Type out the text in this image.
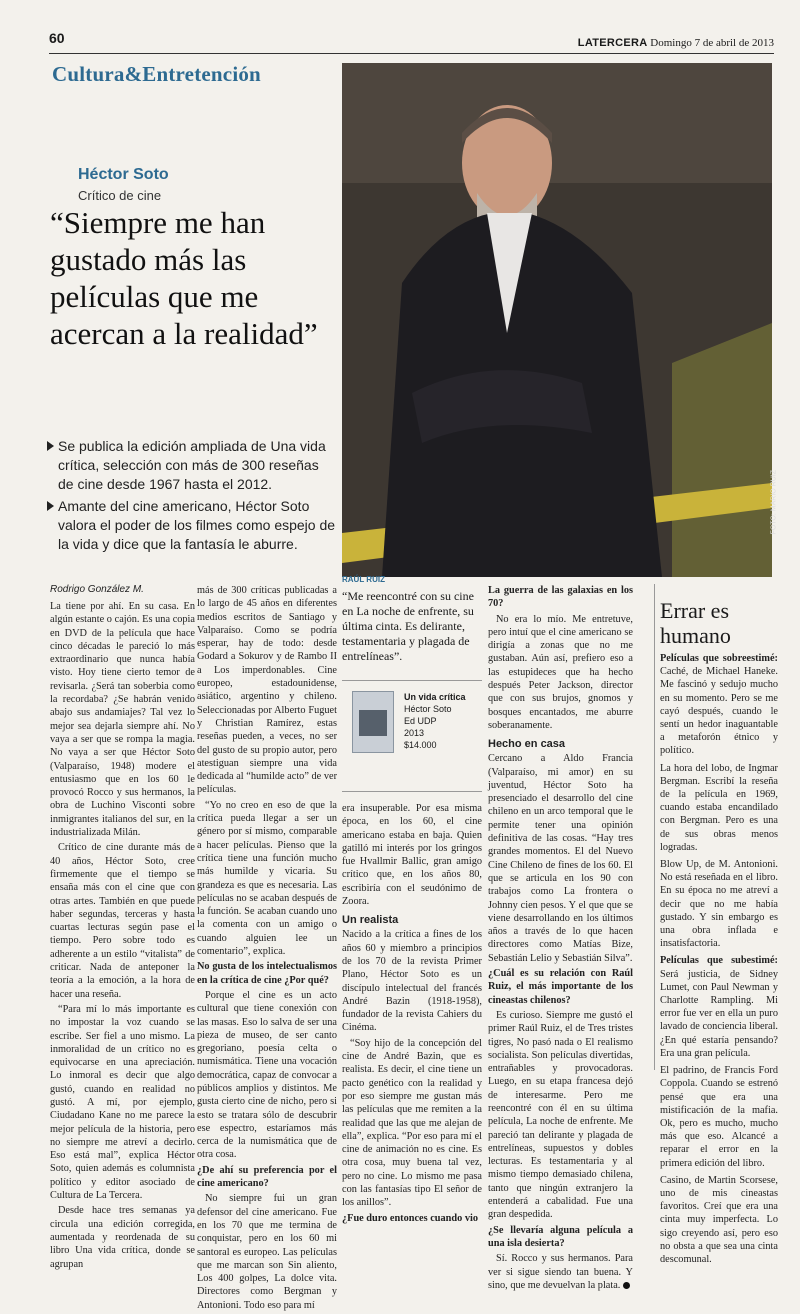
60	LATERCERA Domingo 7 de abril de 2013
Cultura&Entretención
Héctor Soto
Crítico de cine
“Siempre me han gustado más las películas que me acercan a la realidad”
Se publica la edición ampliada de Una vida crítica, selección con más de 300 reseñas de cine desde 1967 hasta el 2012.
Amante del cine americano, Héctor Soto valora el poder de los filmes como espejo de la vida y dice que la fantasía le aburre.
FOTO: MARIO RUIZ
Rodrigo González M.

La tiene por ahí. En su casa. En algún estante o cajón. Es una copia en DVD de la película que hace cinco décadas le pareció lo más extraordinario que nunca había visto. Hoy tiene cierto temor de revisarla. ¿Será tan soberbia como la recordaba? ¿Se habrán venido abajo sus andamiajes? Tal vez lo mejor sea dejarla siempre ahí. No vaya a ser que se rompa la magia. No vaya a ser que Héctor Soto (Valparaíso, 1948) modere el entusiasmo que en los 60 le provocó Rocco y sus hermanos, la obra de Luchino Visconti sobre inmigrantes italianos del sur, en la industrializada Milán.

Crítico de cine durante más de 40 años, Héctor Soto, cree firmemente que el tiempo se ensaña más con el cine que con otras artes. También en que puede haber segundas, terceras y hasta cuartas lecturas según pase el tiempo. Pero sobre todo es adherente a un estilo “vitalista” de criticar. Nada de anteponer la teoría a la emoción, a la hora de hacer una reseña.

“Para mí lo más importante es no impostar la voz cuando se escribe. Ser fiel a uno mismo. La inmoralidad de un crítico no es equivocarse en una apreciación. Lo inmoral es decir que algo gustó, cuando en realidad no gustó. A mí, por ejemplo, Ciudadano Kane no me parece la mejor película de la historia, pero no siempre me atreví a decirlo. Eso está mal”, explica Héctor Soto, quien además es columnista político y editor asociado de Cultura de La Tercera.

Desde hace tres semanas ya circula una edición corregida, aumentada y reordenada de su libro Una vida crítica, donde se agrupan

más de 300 críticas publicadas a lo largo de 45 años en diferentes medios escritos de Santiago y Valparaíso. Como se podría esperar, hay de todo: desde Godard a Sokurov y de Rambo II a Los imperdonables. Cine europeo, estadounidense, asiático, argentino y chileno. Seleccionadas por Alberto Fuguet y Christian Ramírez, estas reseñas pueden, a veces, no ser del gusto de su propio autor, pero atestiguan siempre una vida dedicada al “humilde acto” de ver películas.

“Yo no creo en eso de que la crítica pueda llegar a ser un género por sí mismo, comparable a hacer películas. Pienso que la crítica tiene una función mucho más humilde y vicaria. Su grandeza es que es necesaria. Las películas no se acaban después de la función. Se acaban cuando uno la comenta con un amigo o cuando alguien lee un comentario”, explica.

No gusta de los intelectualismos en la crítica de cine ¿Por qué?

Porque el cine es un acto cultural que tiene conexión con las masas. Eso lo salva de ser una pieza de museo, de ser canto gregoriano, poesía celta o numismática. Tiene una vocación democrática, capaz de convocar a públicos amplios y distintos. Me gusta cierto cine de nicho, pero si esto se tratara sólo de descubrir ese espectro, estaríamos más cerca de la numismática que de otra cosa.

¿De ahí su preferencia por el cine americano?

No siempre fui un gran defensor del cine americano. Fue en los 70 que me termina de conquistar, pero en los 60 mi santoral es europeo. Las películas que me marcan son Sin aliento, Los 400 golpes, La dolce vita. Directores como Bergman y Antonioni. Todo eso para mí

RAÚL RUIZ

“Me reencontré con su cine en La noche de enfrente, su última cinta. Es delirante, testamentaria y plagada de entrelíneas”.

Un vida crítica
Héctor Soto
Ed UDP
2013
$14.000

era insuperable. Por esa misma época, en los 60, el cine americano estaba en baja. Quien gatilló mi interés por los gringos fue Hvallmir Ballic, gran amigo crítico que, en los años 80, escribiría con el seudónimo de Zoora.

Un realista

Nacido a la crítica a fines de los años 60 y miembro a principios de los 70 de la revista Primer Plano, Héctor Soto es un discípulo intelectual del francés André Bazin (1918-1958), fundador de la revista Cahiers du Cinéma.

“Soy hijo de la concepción del cine de André Bazin, que es realista. Es decir, el cine tiene un pacto genético con la realidad y por eso siempre me gustan más las películas que me remiten a la realidad que las que me alejan de ella”, explica. “Por eso para mí el cine de animación no es cine. Es otra cosa, muy buena tal vez, pero no cine. Lo mismo me pasa con las fantasías tipo El señor de los anillos”.

¿Fue duro entonces cuando vio

La guerra de las galaxias en los 70?

No era lo mío. Me entretuve, pero intuí que el cine americano se dirigía a zonas que no me gustaban. Aún así, prefiero eso a las estupideces que ha hecho después Peter Jackson, director que con sus brujos, gnomos y bosques encantados, me aburre soberanamente.

Hecho en casa

Cercano a Aldo Francia (Valparaíso, mi amor) en su juventud, Héctor Soto ha presenciado el desarrollo del cine chileno en un arco temporal que le permite tener una opinión definitiva de las cosas. “Hay tres grandes momentos. El del Nuevo Cine Chileno de fines de los 60. El que se articula en los 90 con trabajos como La frontera o Johnny cien pesos. Y el que que se viene desarrollando en los últimos años a través de lo que hacen directores como Matías Bize, Sebastián Lelio y Sebastián Silva”.

¿Cuál es su relación con Raúl Ruiz, el más importante de los cineastas chilenos?

Es curioso. Siempre me gustó el primer Raúl Ruiz, el de Tres tristes tigres, No pasó nada o El realismo socialista. Son películas divertidas, entrañables y provocadoras. Luego, en su etapa francesa dejó de interesarme. Pero me reencontré con él en su última película, La noche de enfrente. Me pareció tan delirante y plagada de entrelíneas, supuestos y dobles lecturas. Es testamentaria y al mismo tiempo demasiado chilena, tanto que ningún extranjero la entenderá a cabalidad. Fue una gran despedida.

¿Se llevaría alguna película a una isla desierta?

Sí. Rocco y sus hermanos. Para ver si sigue siendo tan buena. Y sino, que me devuelvan la plata.

Errar es humano

Películas que sobreestimé: Caché, de Michael Haneke. Me fascinó y sedujo mucho en su momento. Pero se me cayó después, cuando le sentí un hedor inaguantable a metaforón étnico y político.

La hora del lobo, de Ingmar Bergman. Escribí la reseña de la película en 1969, cuando estaba encandilado con Bergman. Pero es una de sus obras menos logradas.

Blow Up, de M. Antonioni. No está reseñada en el libro. En su época no me atreví a decir que no me había gustado. Y sin embargo es una obra inflada e insatisfactoria.

Películas que subestimé: Será justicia, de Sidney Lumet, con Paul Newman y Charlotte Rampling. Mi error fue ver en ella un puro lavado de conciencia liberal. ¿En qué estaría pensando? Era una gran película.

El padrino, de Francis Ford Coppola. Cuando se estrenó pensé que era una mistificación de la mafia. Ok, pero es mucho, mucho más que eso. Alcancé a reparar el error en la primera edición del libro.

Casino, de Martin Scorsese, uno de mis cineastas favoritos. Creí que era una cinta muy imperfecta. Lo sigo creyendo así, pero eso no obsta a que sea una cinta descomunal.
